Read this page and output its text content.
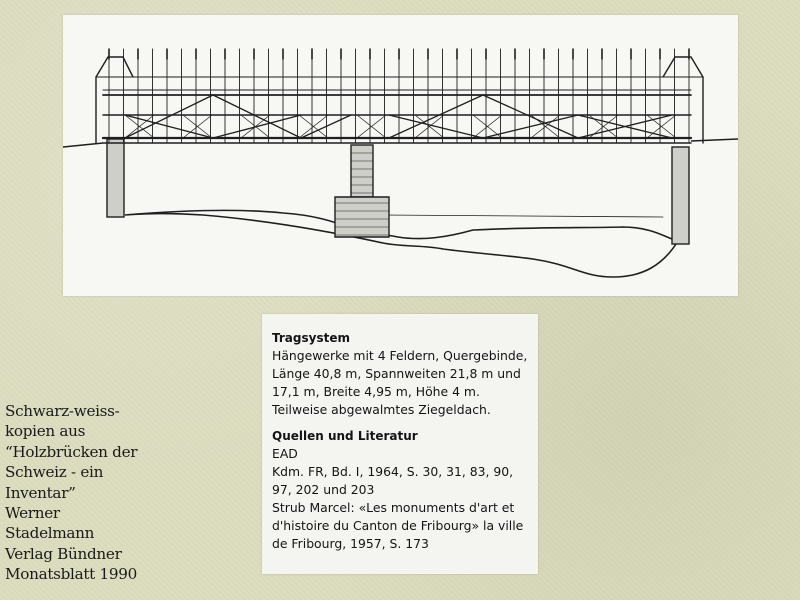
Tragsystem
Hängewerke mit 4 Feldern, Quergebinde, Länge 40,8 m, Spannweiten 21,8 m und 17,1 m, Breite 4,95 m, Höhe 4 m. Teilweise abgewalmtes Ziegeldach.
Quellen und Literatur
EAD
Kdm. FR, Bd. I, 1964, S. 30, 31, 83, 90, 97, 202 und 203
Strub Marcel: «Les monuments d'art et d'histoire du Canton de Fribourg» la ville de Fribourg, 1957, S. 173
Schwarz-weiss-
kopien aus
“Holzbrücken der
Schweiz - ein
Inventar”
Werner
Stadelmann
Verlag Bündner
Monatsblatt 1990
